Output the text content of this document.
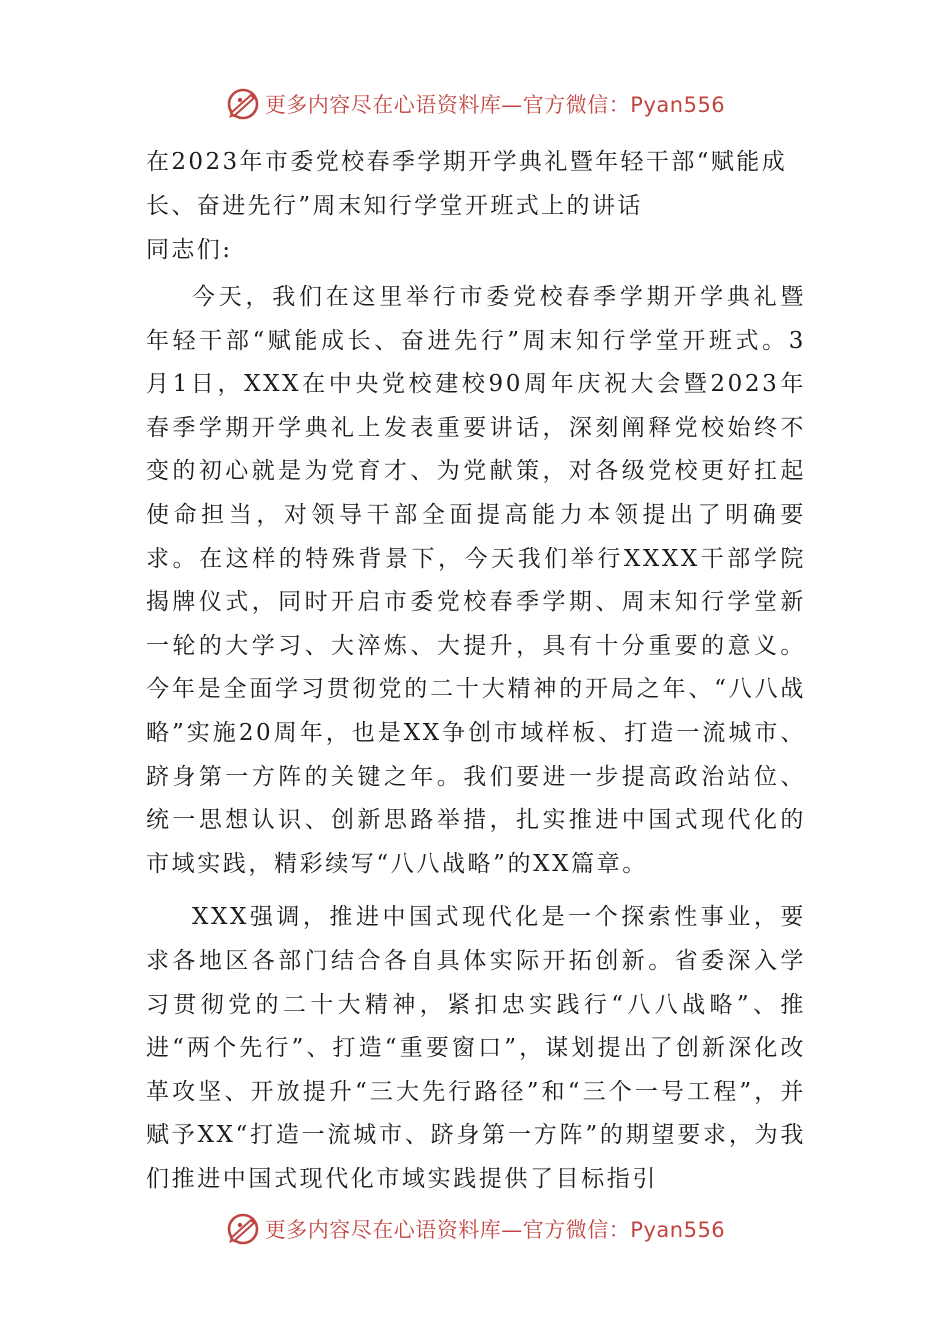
更多内容尽在心语资料库—官方微信：Pyan556
在2023年市委党校春季学期开学典礼暨年轻干部“赋能成长、奋进先行”周末知行学堂开班式上的讲话

同志们:

今天，我们在这里举行市委党校春季学期开学典礼暨年轻干部“赋能成长、奋进先行”周末知行学堂开班式。3月1日，XXX在中央党校建校90周年庆祝大会暨2023年春季学期开学典礼上发表重要讲话，深刻阐释党校始终不变的初心就是为党育才、为党献策，对各级党校更好扛起使命担当，对领导干部全面提高能力本领提出了明确要求。在这样的特殊背景下，今天我们举行XXXX干部学院揭牌仪式，同时开启市委党校春季学期、周末知行学堂新一轮的大学习、大淬炼、大提升，具有十分重要的意义。今年是全面学习贯彻党的二十大精神的开局之年、“八八战略”实施20周年，也是XX争创市域样板、打造一流城市、跻身第一方阵的关键之年。我们要进一步提高政治站位、统一思想认识、创新思路举措，扎实推进中国式现代化的市域实践，精彩续写“八八战略”的XX篇章。

XXX强调，推进中国式现代化是一个探索性事业，要求各地区各部门结合各自具体实际开拓创新。省委深入学习贯彻党的二十大精神，紧扣忠实践行“八八战略”、推进“两个先行”、打造“重要窗口”，谋划提出了创新深化改革攻坚、开放提升“三大先行路径”和“三个一号工程”，并赋予XX“打造一流城市、跻身第一方阵”的期望要求，为我们推进中国式现代化市域实践提供了目标指引

更多内容尽在心语资料库—官方微信：Pyan556
